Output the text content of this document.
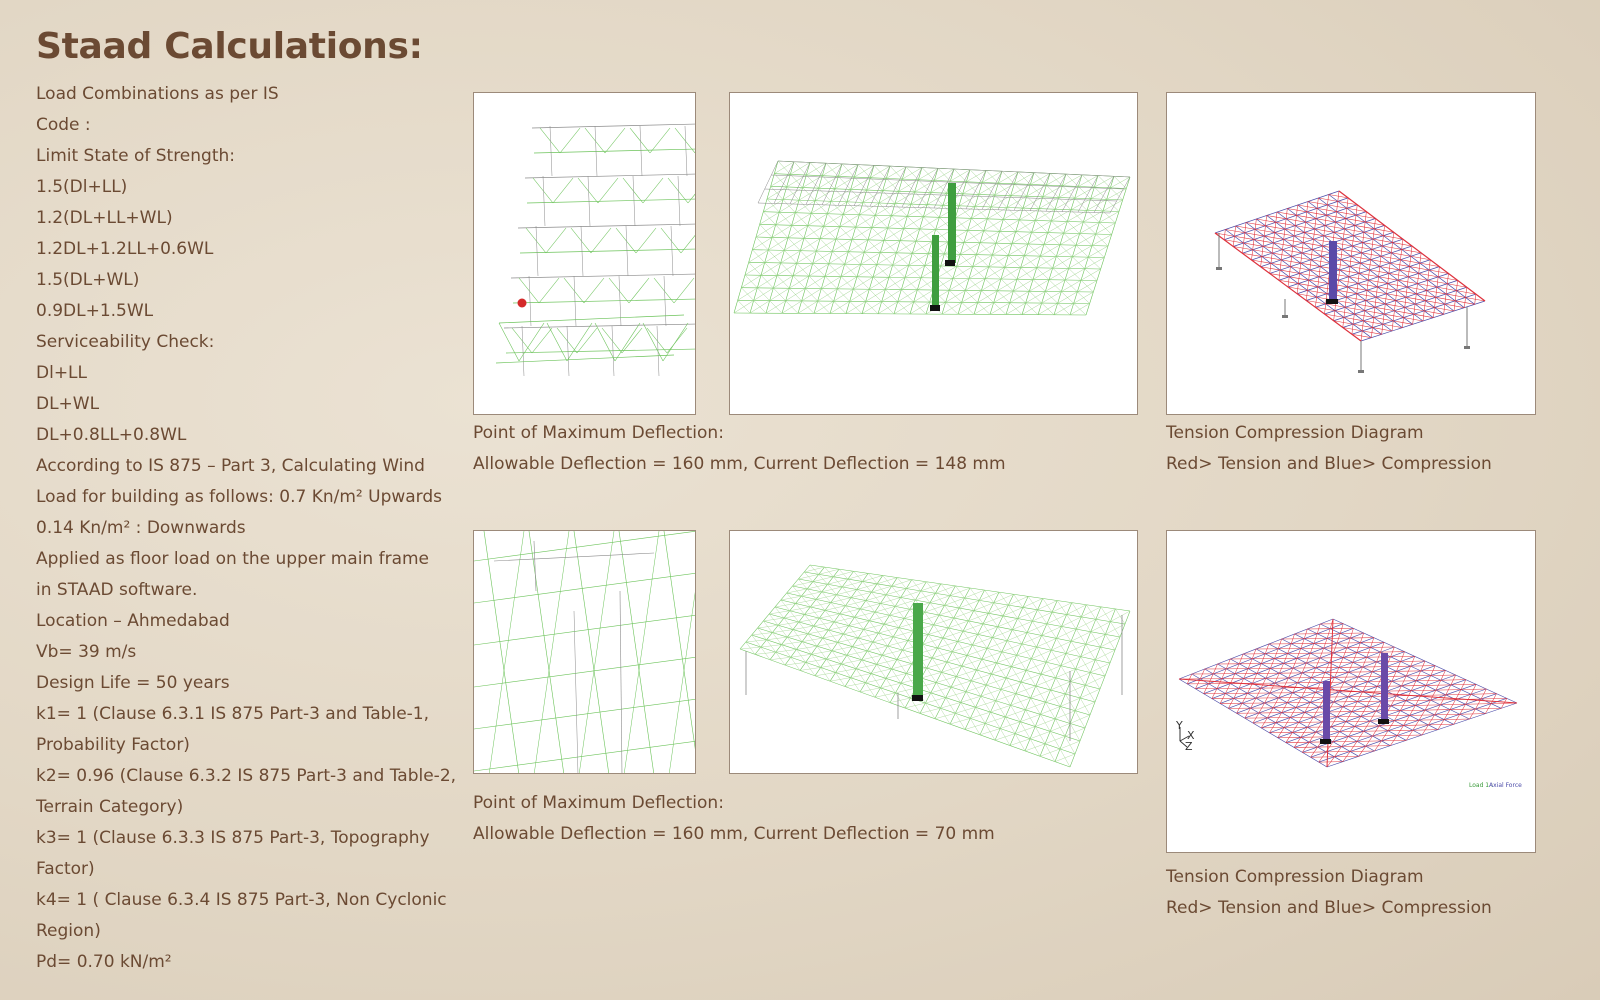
Staad Calculations:
Load Combinations as per IS
Code :
Limit State of Strength:
1.5(Dl+LL)
1.2(DL+LL+WL)
1.2DL+1.2LL+0.6WL
1.5(DL+WL)
0.9DL+1.5WL
Serviceability Check:
Dl+LL
DL+WL
DL+0.8LL+0.8WL
According to IS 875 – Part 3, Calculating Wind
Load for building as follows: 0.7 Kn/m² Upwards
0.14 Kn/m² : Downwards
Applied as floor load on the upper main frame
in STAAD software.
Location – Ahmedabad
Vb= 39 m/s
Design Life = 50 years
k1= 1 (Clause 6.3.1 IS 875 Part-3 and Table-1,
Probability Factor)
k2= 0.96 (Clause 6.3.2 IS 875 Part-3 and Table-2,
Terrain Category)
k3= 1 (Clause 6.3.3 IS 875 Part-3, Topography
Factor)
k4= 1 ( Clause 6.3.4 IS 875 Part-3, Non Cyclonic
Region)
Pd= 0.70 kN/m²
Point of Maximum Deflection:
Allowable Deflection = 160 mm, Current Deflection = 148 mm
Tension Compression Diagram
Red> Tension and Blue> Compression
Y
X
Z
Load 1 :
Axial Force
Point of Maximum Deflection:
Allowable Deflection = 160 mm, Current Deflection = 70 mm
Tension Compression Diagram
Red> Tension and Blue> Compression
